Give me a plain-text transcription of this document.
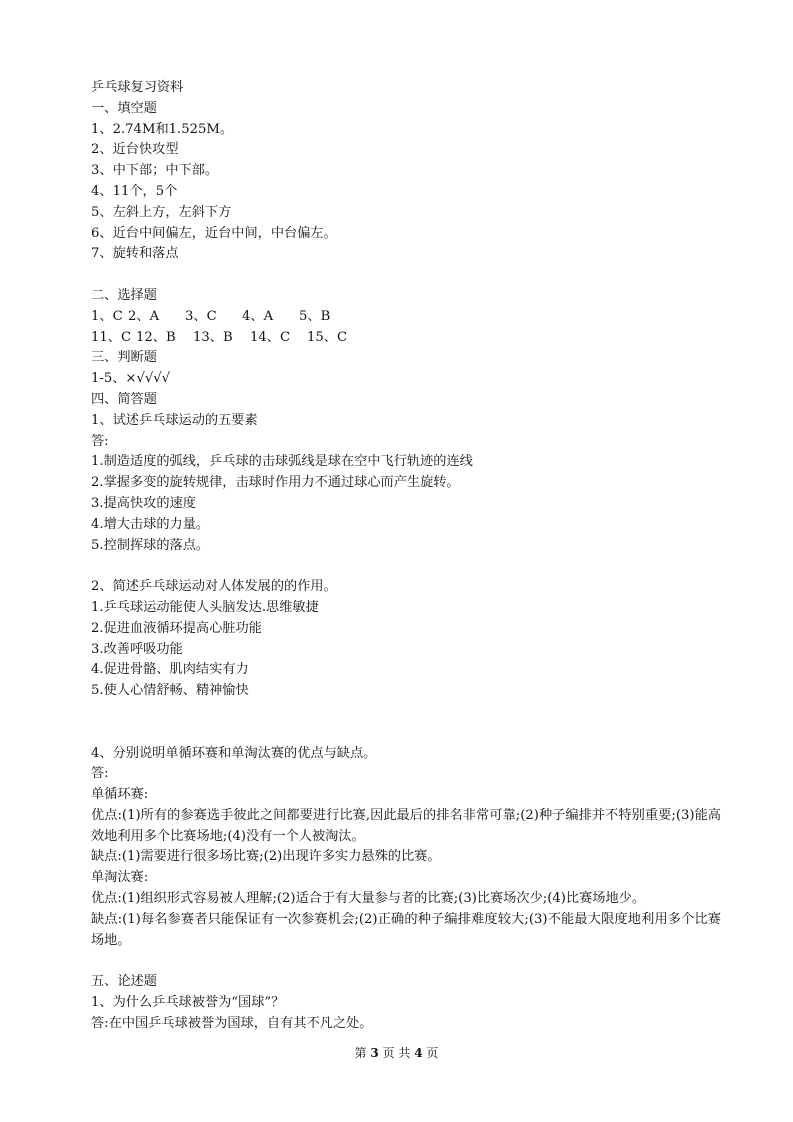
乒乓球复习资料
一、填空题
1、2.74M和1.525M。
2、近台快攻型
3、中下部；中下部。
4、11个，5个
5、左斜上方，左斜下方
6、近台中间偏左，近台中间，中台偏左。
7、旋转和落点
二、选择题
1、C 2、A	3、C	4、A	5、B
11、C 12、B	13、B	14、C	15、C
三、判断题
1-5、×√√√√
四、简答题
1、试述乒乓球运动的五要素
答:
1.制造适度的弧线，乒乓球的击球弧线是球在空中飞行轨迹的连线
2.掌握多变的旋转规律，击球时作用力不通过球心而产生旋转。
3.提高快攻的速度
4.增大击球的力量。
5.控制挥球的落点。
2、简述乒乓球运动对人体发展的的作用。
1.乒乓球运动能使人头脑发达.思维敏捷
2.促进血液循环提高心脏功能
3.改善呼吸功能
4.促进骨骼、肌肉结实有力
5.使人心情舒畅、精神愉快
4、分别说明单循环赛和单淘汰赛的优点与缺点。
答:
单循环赛:
优点:(1)所有的参赛选手彼此之间都要进行比赛,因此最后的排名非常可靠;(2)种子编排并不特别重要;(3)能高效地利用多个比赛场地;(4)没有一个人被淘汰。
缺点:(1)需要进行很多场比赛;(2)出现许多实力悬殊的比赛。
单淘汰赛:
优点:(1)组织形式容易被人理解;(2)适合于有大量参与者的比赛;(3)比赛场次少;(4)比赛场地少。
缺点:(1)每名参赛者只能保证有一次参赛机会;(2)正确的种子编排难度较大;(3)不能最大限度地利用多个比赛场地。
五、论述题
1、为什么乒乓球被誉为“国球”？
答:在中国乒乓球被誉为国球，自有其不凡之处。
第 3 页 共 4 页
